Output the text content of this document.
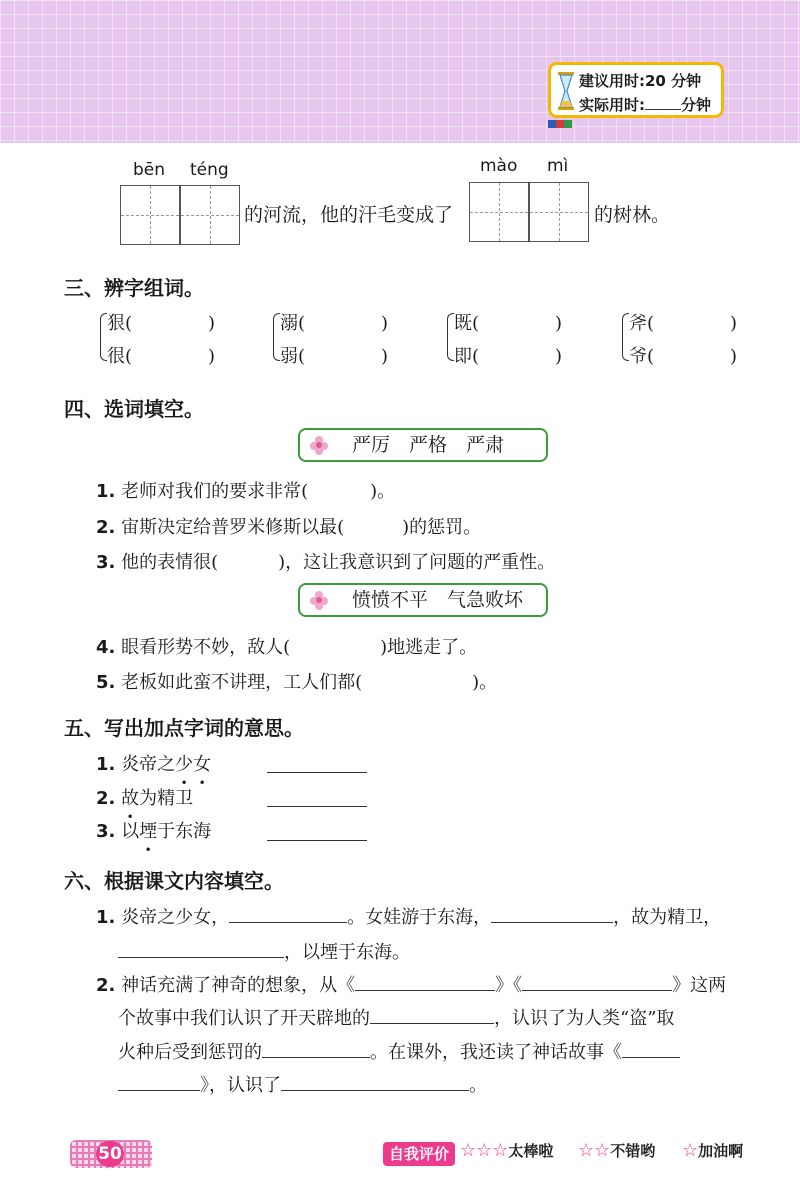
建议用时:20 分钟
实际用时: 分钟
bēn téng
的河流，他的汗毛变成了
mào mì
的树林。
三、辨字组词。
狠(	)
很(	)
溺(	)
弱(	)
既(	)
即(	)
斧(	)
爷(	)
四、选词填空。
严厉　严格　严肃
1. 老师对我们的要求非常(	)。
2. 宙斯决定给普罗米修斯以最(	)的惩罚。
3. 他的表情很(	)，这让我意识到了问题的严重性。
愤愤不平　气急败坏
4. 眼看形势不妙，敌人(	)地逃走了。
5. 老板如此蛮不讲理，工人们都(	)。
五、写出加点字词的意思。
1. 炎帝之少女
2. 故为精卫
3. 以堙于东海
六、根据课文内容填空。
1. 炎帝之少女，	。女娃游于东海，	，故为精卫，
，以堙于东海。
2. 神话充满了神奇的想象，从《	》《	》这两
个故事中我们认识了开天辟地的	，认识了为人类“盗”取
火种后受到惩罚的	。在课外，我还读了神话故事《
》，认识了	。
50	自我评价 ☆☆☆太棒啦 ☆☆不错哟 ☆加油啊
